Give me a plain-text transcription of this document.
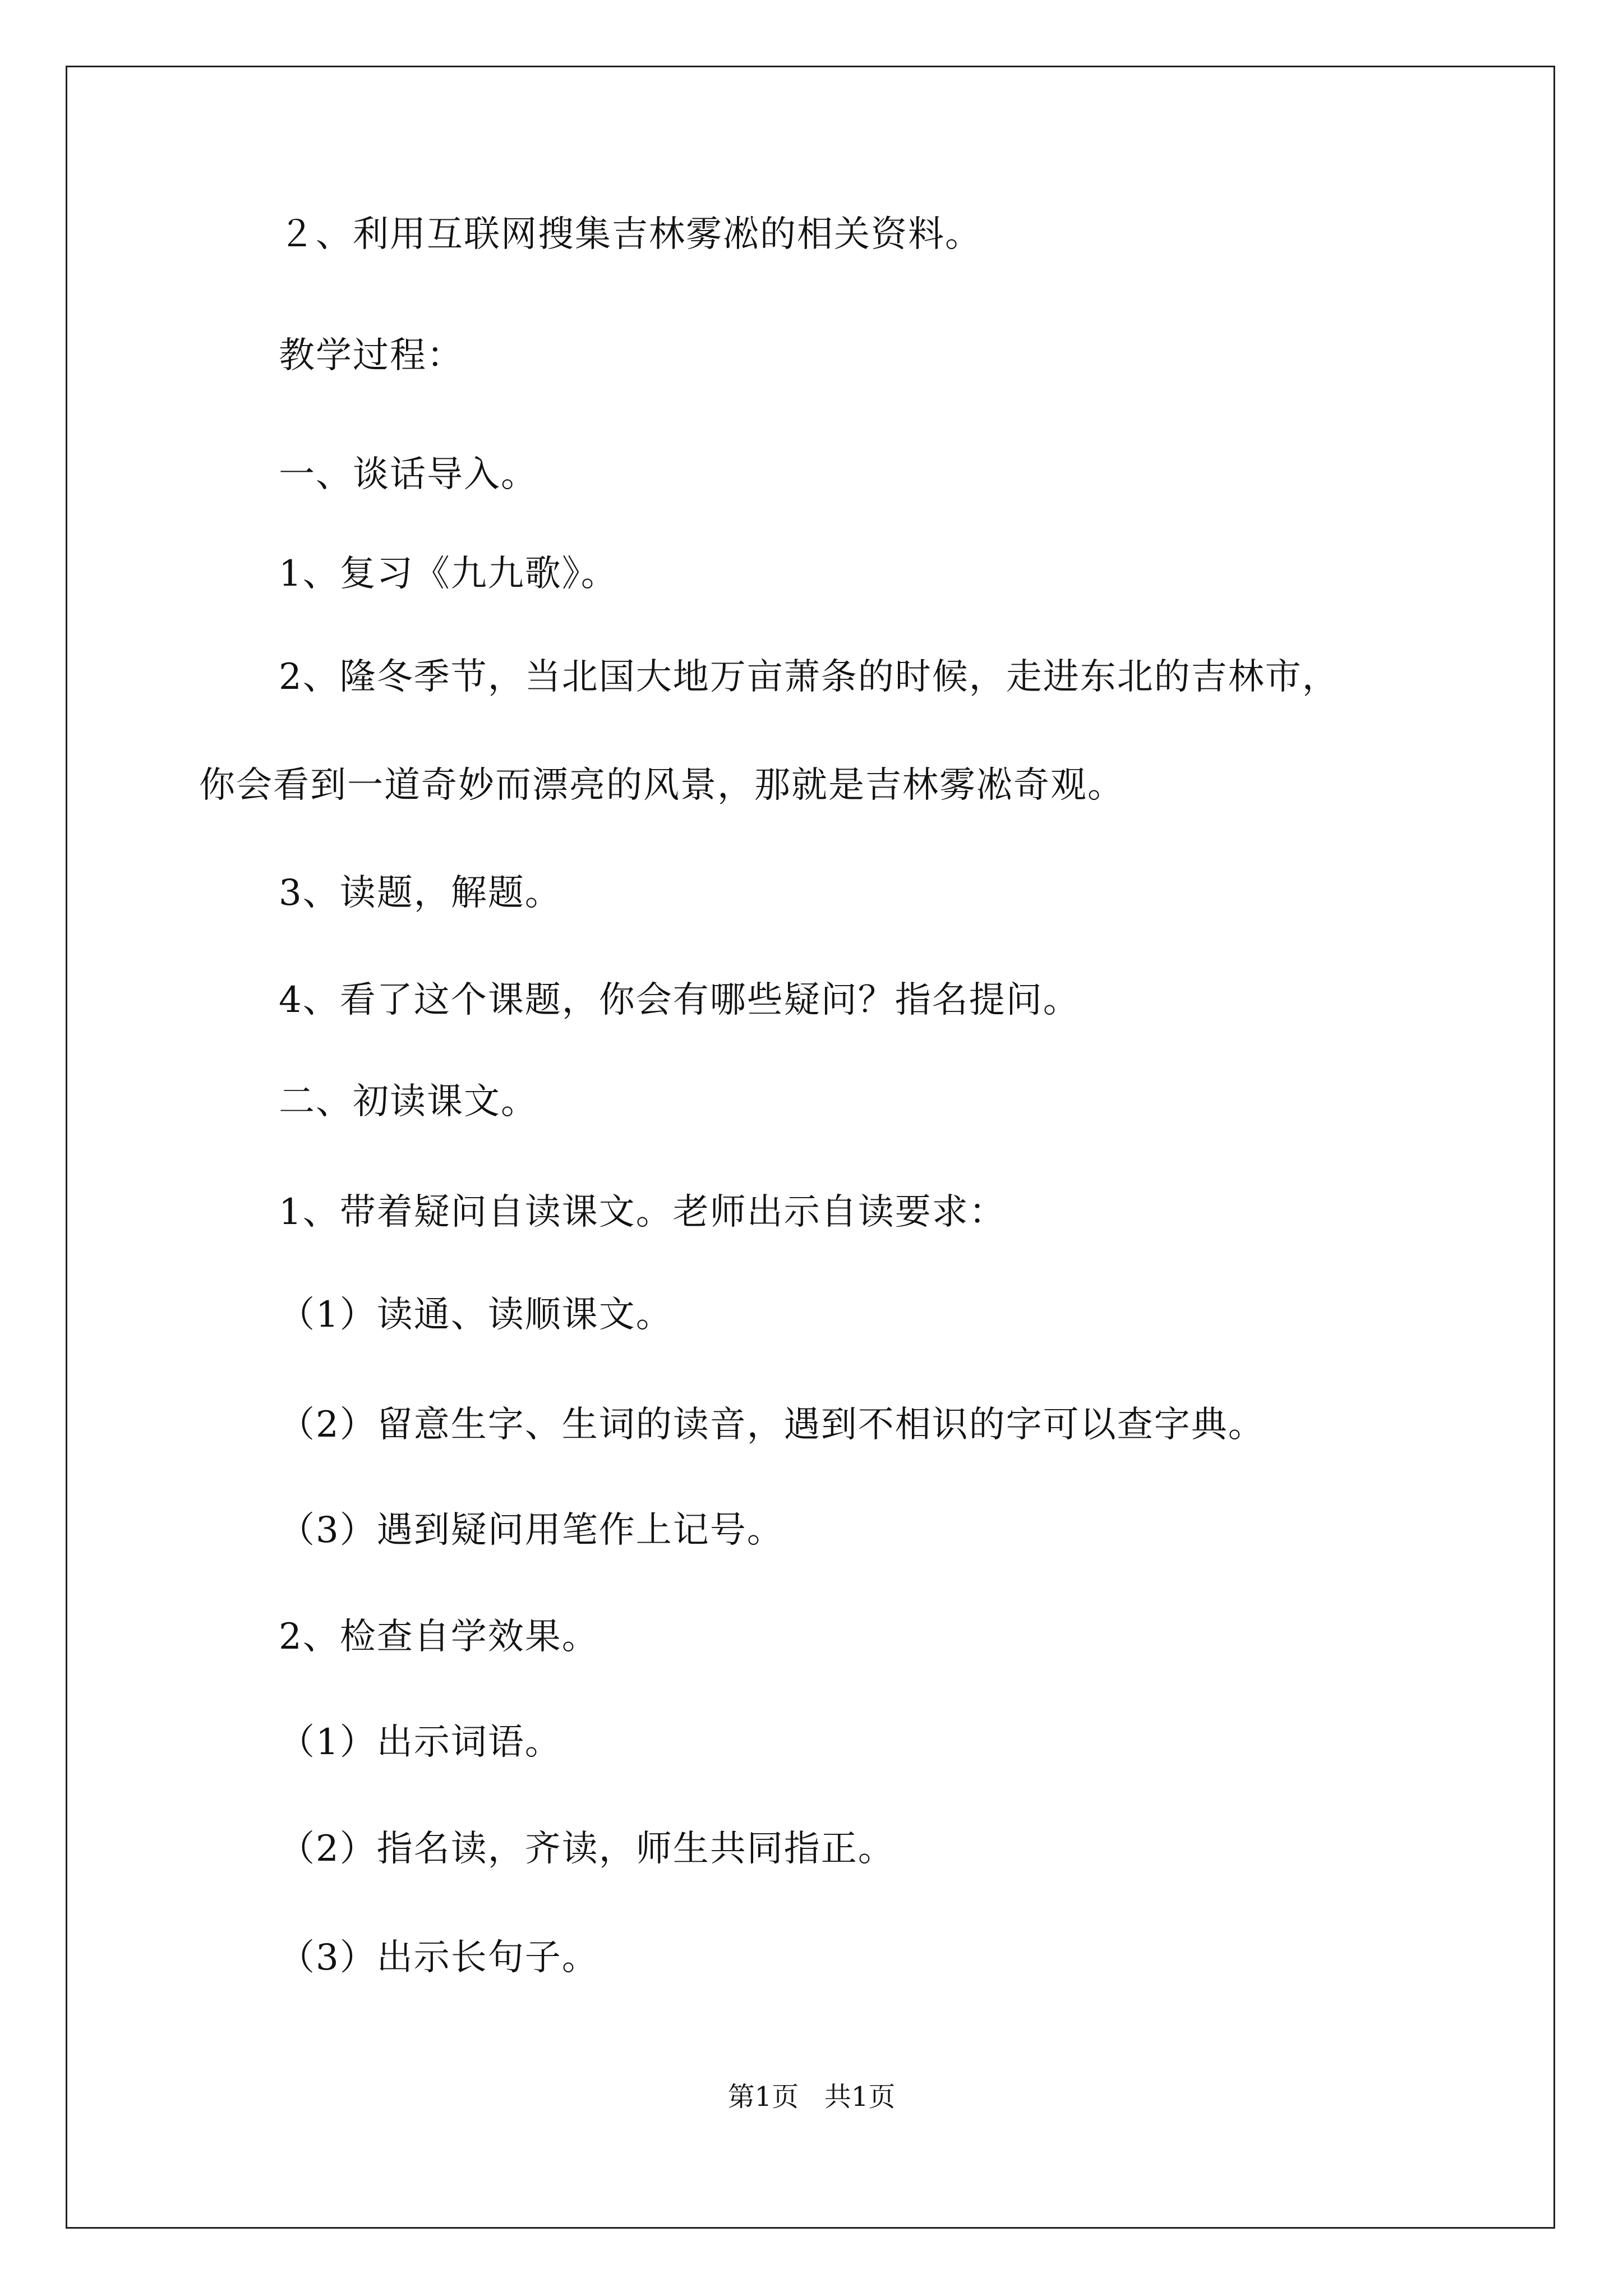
２、利用互联网搜集吉林雾凇的相关资料。
教学过程：
一、谈话导入。
1、复习《九九歌》。
2、隆冬季节，当北国大地万亩萧条的时候，走进东北的吉林市，
你会看到一道奇妙而漂亮的风景，那就是吉林雾凇奇观。
3、读题，解题。
4、看了这个课题，你会有哪些疑问？指名提问。
二、初读课文。
1、带着疑问自读课文。老师出示自读要求：
（1）读通、读顺课文。
（2）留意生字、生词的读音，遇到不相识的字可以查字典。
（3）遇到疑问用笔作上记号。
2、检查自学效果。
（1）出示词语。
（2）指名读，齐读，师生共同指正。
（3）出示长句子。
第1页   共1页
